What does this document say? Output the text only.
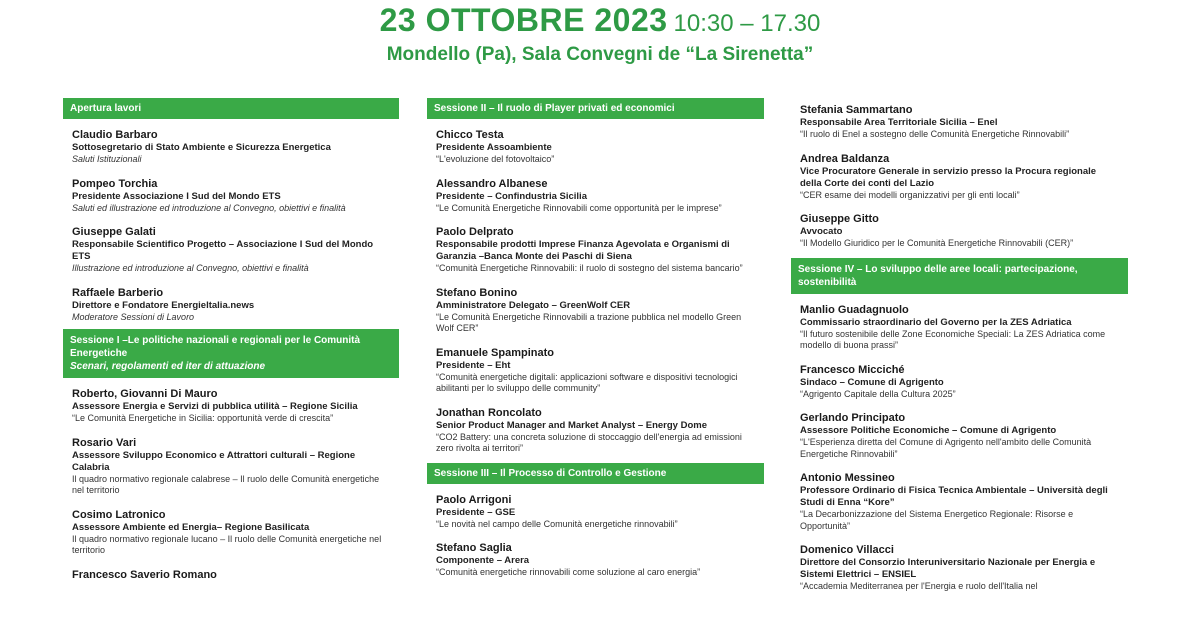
23 OTTOBRE 2023 10:30 – 17.30
Mondello (Pa), Sala Convegni de “La Sirenetta”
Apertura lavori
Claudio Barbaro
Sottosegretario di Stato Ambiente e Sicurezza Energetica
Saluti Istituzionali
Pompeo Torchia
Presidente Associazione I Sud del Mondo ETS
Saluti ed illustrazione ed introduzione al Convegno, obiettivi e finalità
Giuseppe Galati
Responsabile Scientifico Progetto – Associazione I Sud del Mondo ETS
Illustrazione ed introduzione al Convegno, obiettivi e finalità
Raffaele Barberio
Direttore e Fondatore Energieltalia.news
Moderatore Sessioni di Lavoro
Sessione I –Le politiche nazionali e regionali per le Comunità Energetiche
Scenari, regolamenti ed iter di attuazione
Roberto, Giovanni Di Mauro
Assessore Energia e Servizi di pubblica utilità – Regione Sicilia
“Le Comunità Energetiche in Sicilia: opportunità verde di crescita”
Rosario Vari
Assessore Sviluppo Economico e Attrattori culturali – Regione Calabria
Il quadro normativo regionale calabrese – Il ruolo delle Comunità energetiche nel territorio
Cosimo Latronico
Assessore Ambiente ed Energia– Regione Basilicata
Il quadro normativo regionale lucano – Il ruolo delle Comunità energetiche nel territorio
Francesco Saverio Romano
Sessione II – Il ruolo di Player privati ed economici
Chicco Testa
Presidente Assoambiente
“L'evoluzione del fotovoltaico”
Alessandro Albanese
Presidente – Confindustria Sicilia
“Le Comunità Energetiche Rinnovabili come opportunità per le imprese”
Paolo Delprato
Responsabile prodotti Imprese Finanza Agevolata e Organismi di Garanzia –Banca Monte dei Paschi di Siena
“Comunità Energetiche Rinnovabili: il ruolo di sostegno del sistema bancario”
Stefano Bonino
Amministratore Delegato – GreenWolf CER
“Le Comunità Energetiche Rinnovabili a trazione pubblica nel modello Green Wolf CER”
Emanuele Spampinato
Presidente – Eht
“Comunità energetiche digitali: applicazioni software e dispositivi tecnologici abilitanti per lo sviluppo delle community”
Jonathan Roncolato
Senior Product Manager and Market Analyst – Energy Dome
“CO2 Battery: una concreta soluzione di stoccaggio dell'energia ad emissioni zero rivolta ai territori”
Sessione III – Il Processo di Controllo e Gestione
Paolo Arrigoni
Presidente – GSE
“Le novità nel campo delle Comunità energetiche rinnovabili”
Stefano Saglia
Componente – Arera
“Comunità energetiche rinnovabili come soluzione al caro energia”
Stefania Sammartano
Responsabile Area Territoriale Sicilia – Enel
“Il ruolo di Enel a sostegno delle Comunità Energetiche Rinnovabili”
Andrea Baldanza
Vice Procuratore Generale in servizio presso la Procura regionale della Corte dei conti del Lazio
“CER esame dei modelli organizzativi per gli enti locali”
Giuseppe Gitto
Avvocato
“Il Modello Giuridico per le Comunità Energetiche Rinnovabili (CER)”
Sessione IV – Lo sviluppo delle aree locali: partecipazione, sostenibilità
Manlio Guadagnuolo
Commissario straordinario del Governo per la ZES Adriatica
“Il futuro sostenibile delle Zone Economiche Speciali: La ZES Adriatica come modello di buona prassi”
Francesco Micciché
Sindaco – Comune di Agrigento
“Agrigento Capitale della Cultura 2025”
Gerlando Principato
Assessore Politiche Economiche – Comune di Agrigento
“L'Esperienza diretta del Comune di Agrigento nell'ambito delle Comunità Energetiche Rinnovabili”
Antonio Messineo
Professore Ordinario di Fisica Tecnica Ambientale – Università degli Studi di Enna “Kore”
“La Decarbonizzazione del Sistema Energetico Regionale: Risorse e Opportunità”
Domenico Villacci
Direttore del Consorzio Interuniversitario Nazionale per Energia e Sistemi Elettrici – ENSIEL
“Accademia Mediterranea per l'Energia e ruolo dell'Italia nel
